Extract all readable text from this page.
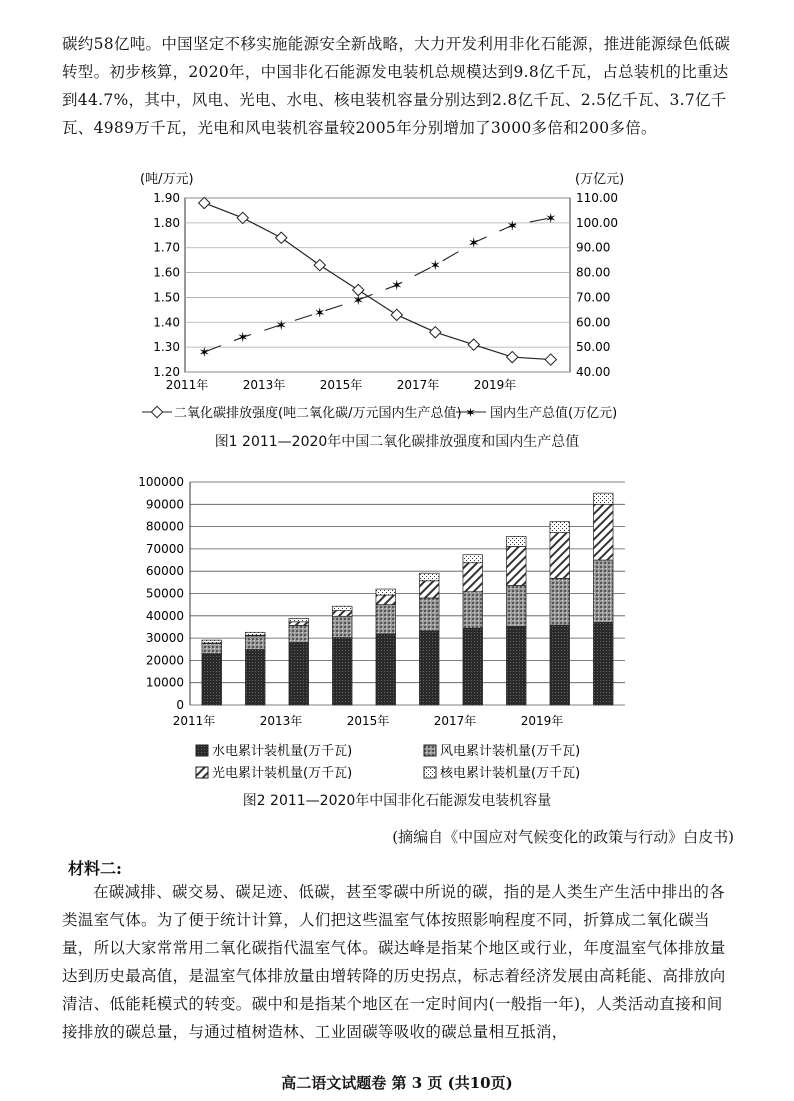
碳约58亿吨。中国坚定不移实施能源安全新战略，大力开发利用非化石能源，推进能源绿色低碳转型。初步核算，2020年，中国非化石能源发电装机总规模达到9.8亿千瓦，占总装机的比重达到44.7%，其中，风电、光电、水电、核电装机容量分别达到2.8亿千瓦、2.5亿千瓦、3.7亿千瓦、4989万千瓦，光电和风电装机容量较2005年分别增加了3000多倍和200多倍。

(吨/万元)	(万亿元)
1.20
1.30
1.40
1.50
1.60
1.70
1.80
1.90
40.00
50.00
60.00
70.00
80.00
90.00
100.00
110.00
2011年	2013年	2015年	2017年	2019年
✶
✶
✶
✶
✶
✶
✶
✶
✶ ✶
二氧化碳排放强度(吨二氧化碳/万元国内生产总值) ✶ 国内生产总值(万亿元)
图1 2011—2020年中国二氧化碳排放强度和国内生产总值
0
10000
20000
30000
40000
50000
60000
70000
80000
90000
100000
2011年	2013年	2015年	2017年	2019年
水电累计装机量(万千瓦)	风电累计装机量(万千瓦)
光电累计装机量(万千瓦)	核电累计装机量(万千瓦)
图2 2011—2020年中国非化石能源发电装机容量
(摘编自《中国应对气候变化的政策与行动》白皮书)
材料二:

在碳减排、碳交易、碳足迹、低碳，甚至零碳中所说的碳，指的是人类生产生活中排出的各类温室气体。为了便于统计计算，人们把这些温室气体按照影响程度不同，折算成二氧化碳当量，所以大家常常用二氧化碳指代温室气体。碳达峰是指某个地区或行业，年度温室气体排放量达到历史最高值，是温室气体排放量由增转降的历史拐点，标志着经济发展由高耗能、高排放向清洁、低能耗模式的转变。碳中和是指某个地区在一定时间内(一般指一年)，人类活动直接和间接排放的碳总量，与通过植树造林、工业固碳等吸收的碳总量相互抵消，

高二语文试题卷 第 3 页 (共10页)
